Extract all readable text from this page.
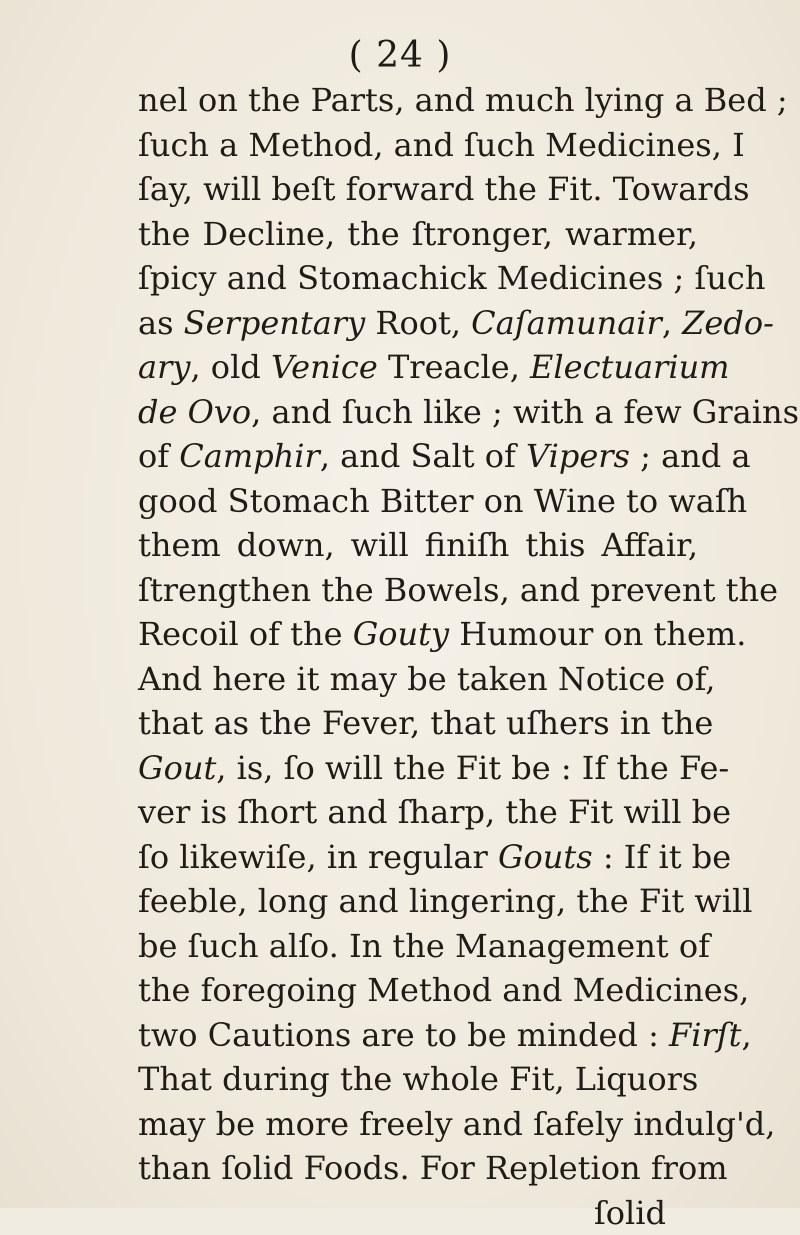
( 24 )
nel on the Parts, and much lying a Bed ;
ſuch a Method, and ſuch Medicines, I
ſay, will beſt forward the Fit. Towards
the Decline, the ſtronger, warmer,
ſpicy and Stomachick Medicines ; ſuch
as Serpentary Root, Caſamunair, Zedo-
ary, old Venice Treacle, Electuarium
de Ovo, and ſuch like ; with a few Grains
of Camphir, and Salt of Vipers ; and a
good Stomach Bitter on Wine to waſh
them down, will finiſh this Affair,
ſtrengthen the Bowels, and prevent the
Recoil of the Gouty Humour on them.
And here it may be taken Notice of,
that as the Fever, that uſhers in the
Gout, is, ſo will the Fit be : If the Fe-
ver is ſhort and ſharp, the Fit will be
ſo likewiſe, in regular Gouts : If it be
feeble, long and lingering, the Fit will
be ſuch alſo. In the Management of
the foregoing Method and Medicines,
two Cautions are to be minded : Firſt,
That during the whole Fit, Liquors
may be more freely and ſafely indulg'd,
than ſolid Foods. For Repletion from
ſolid
